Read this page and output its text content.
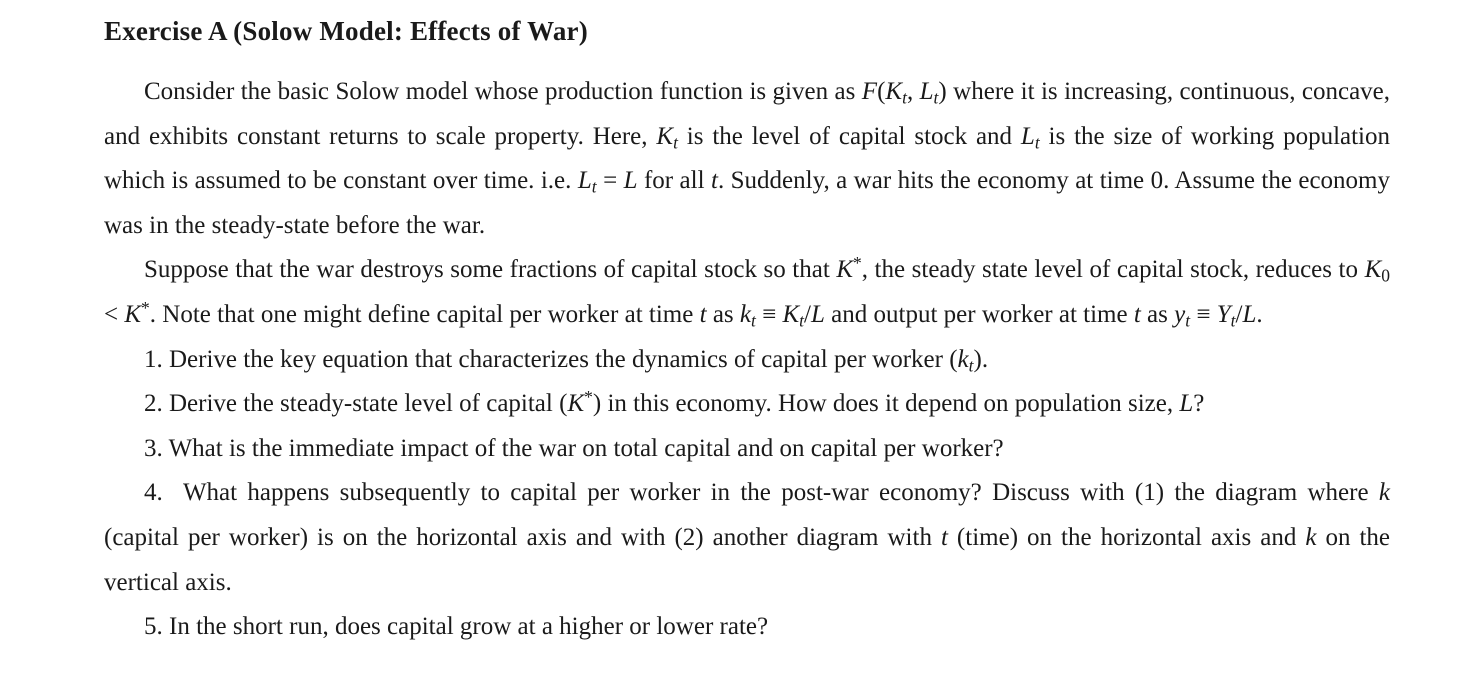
Exercise A (Solow Model: Effects of War)

Consider the basic Solow model whose production function is given as $F(K_t$, $L_t$) where it is increasing, continuous, concave, and exhibits constant returns to scale property. Here, $K_t$ is the level of capital stock and $L_t$ is the size of working population which is assumed to be constant over time. i.e. $L_t = L$ for all t. Suddenly, a war hits the economy at time 0. Assume the economy was in the steady-state before the war.

Suppose that the war destroys some fractions of capital stock so that K*, the steady state level of capital stock, reduces to $K_0 < K^*$. Note that one might define capital per worker at time t as $k_t \equiv K_t/L$ and output per worker at time t as $y_t \equiv Y_t/L$.

1. Derive the key equation that characterizes the dynamics of capital per worker $(k_t)$.

2. Derive the steady-state level of capital (K*) in this economy. How does it depend on population size, L?

3. What is the immediate impact of the war on total capital and on capital per worker?

4. What happens subsequently to capital per worker in the post-war economy? Discuss with (1) the diagram where k (capital per worker) is on the horizontal axis and with (2) another diagram with t (time) on the horizontal axis and k on the vertical axis.

5. In the short run, does capital grow at a higher or lower rate?
